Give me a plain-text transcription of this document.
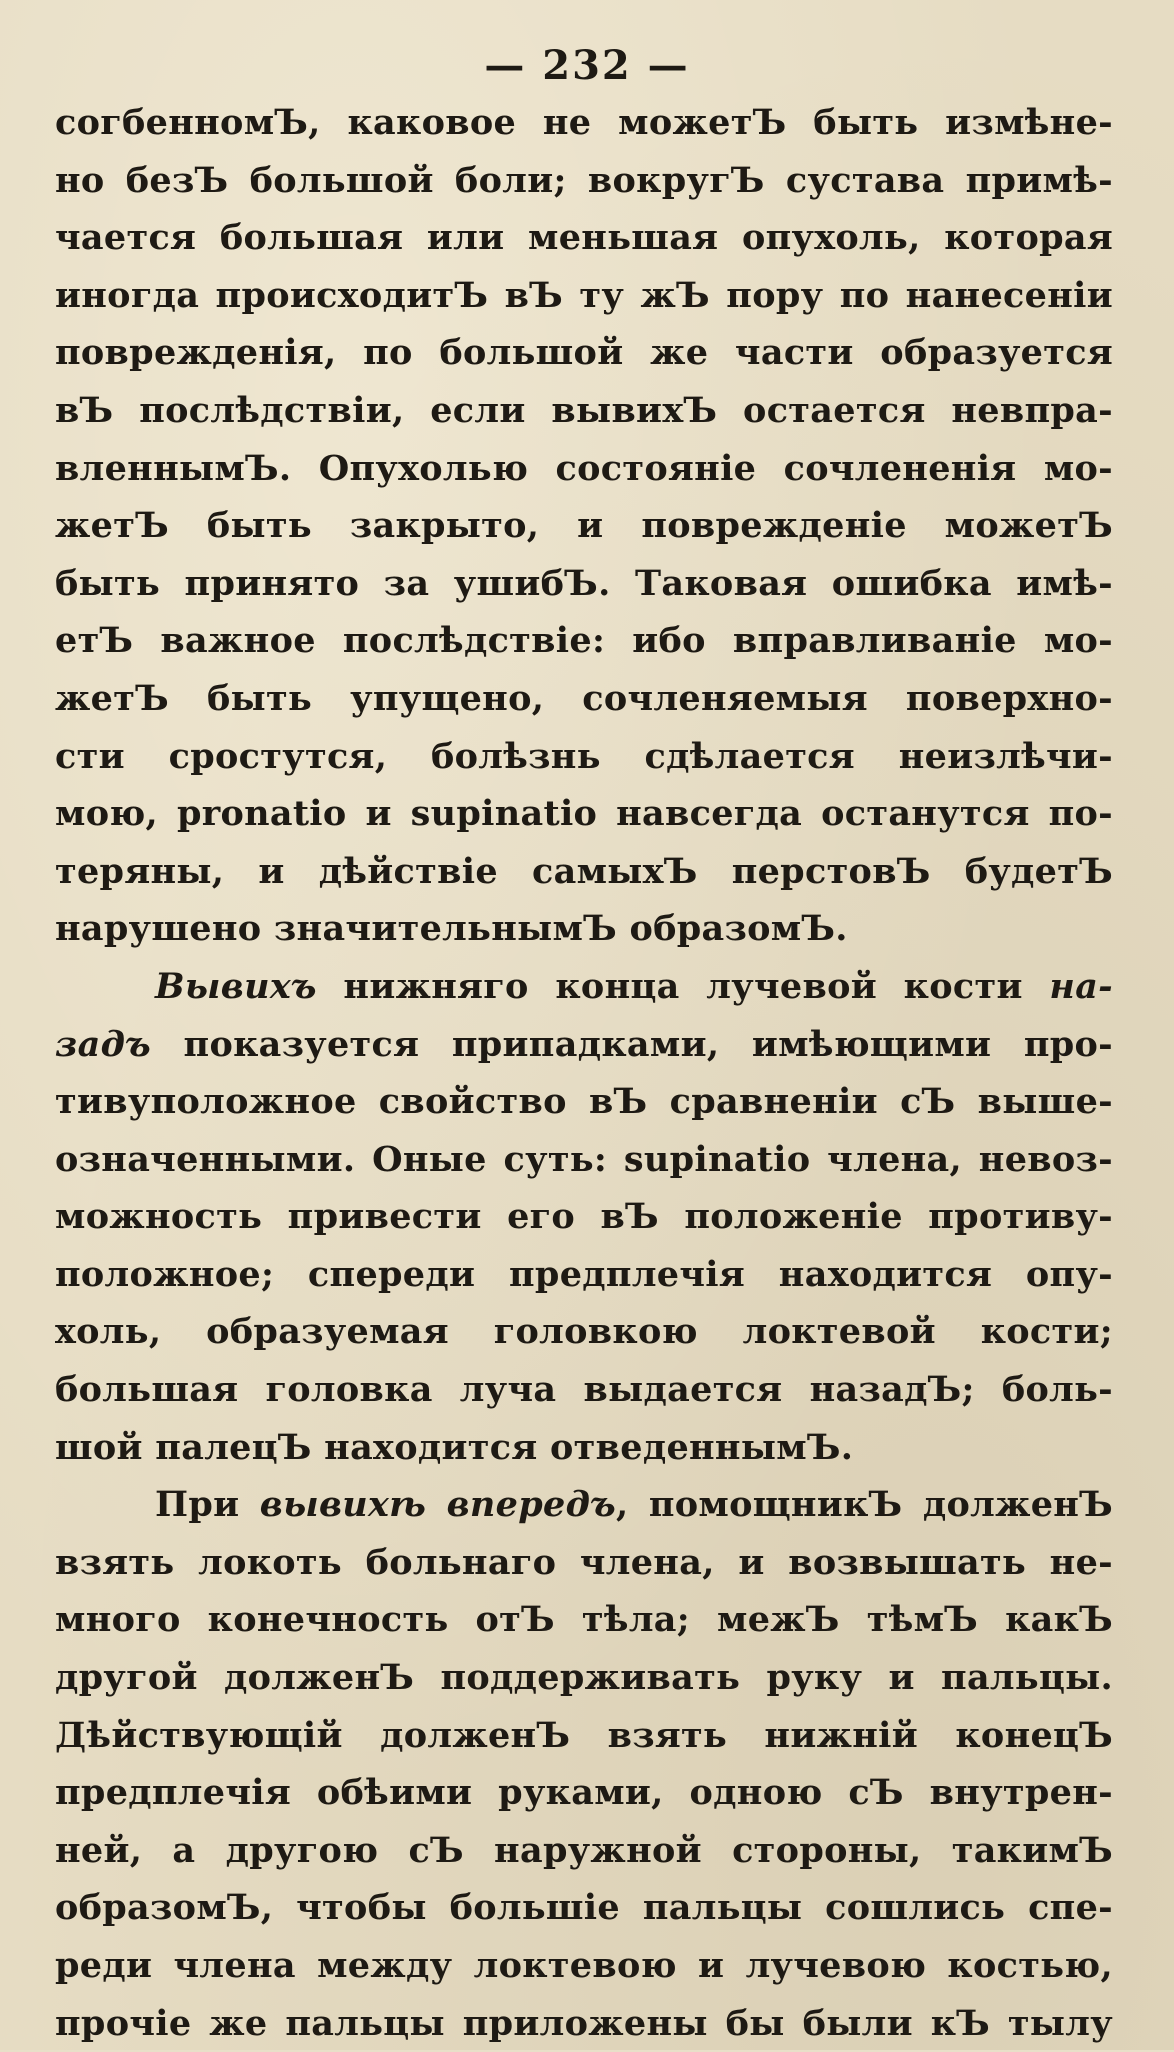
— 232 —
согбенномЪ, каковое не можетЪ быть измѣне-
но безЪ большой боли; вокругЪ сустава примѣ-
чается большая или меньшая опухоль, которая
иногда происходитЪ вЪ ту жЪ пору по нанесенiи
поврежденiя, по большой же части образуется
вЪ послѣдствiи, если вывихЪ остается невпра-
вленнымЪ. Опухолью состоянiе сочлененiя мо-
жетЪ быть закрыто, и поврежденiе можетЪ
быть принято за ушибЪ. Таковая ошибка имѣ-
етЪ важное послѣдствiе: ибо вправливанiе мо-
жетЪ быть упущено, сочленяемыя поверхно-
сти сростутся, болѣзнь сдѣлается неизлѣчи-
мою, pronatio и supinatio навсегда останутся по-
теряны, и дѣйствiе самыхЪ перстовЪ будетЪ
нарушено значительнымЪ образомЪ.
Вывихъ нижняго конца лучевой кости на-
задъ показуется припадками, имѣющими про-
тивуположное свойство вЪ сравненiи сЪ выше-
означенными. Оные суть: supinatio члена, невоз-
можность привести его вЪ положенiе противу-
положное; спереди предплечiя находится опу-
холь, образуемая головкою локтевой кости;
большая головка луча выдается назадЪ; боль-
шой палецЪ находится отведеннымЪ.
При вывихѣ впередъ, помощникЪ долженЪ
взять локоть больнаго члена, и возвышать не-
много конечность отЪ тѣла; межЪ тѣмЪ какЪ
другой долженЪ поддерживать руку и пальцы.
Дѣйствующiй долженЪ взять нижнiй конецЪ
предплечiя обѣими руками, одною сЪ внутрен-
ней, а другою сЪ наружной стороны, такимЪ
образомЪ, чтобы большiе пальцы сошлись спе-
реди члена между локтевою и лучевою костью,
прочiе же пальцы приложены бы были кЪ тылу
